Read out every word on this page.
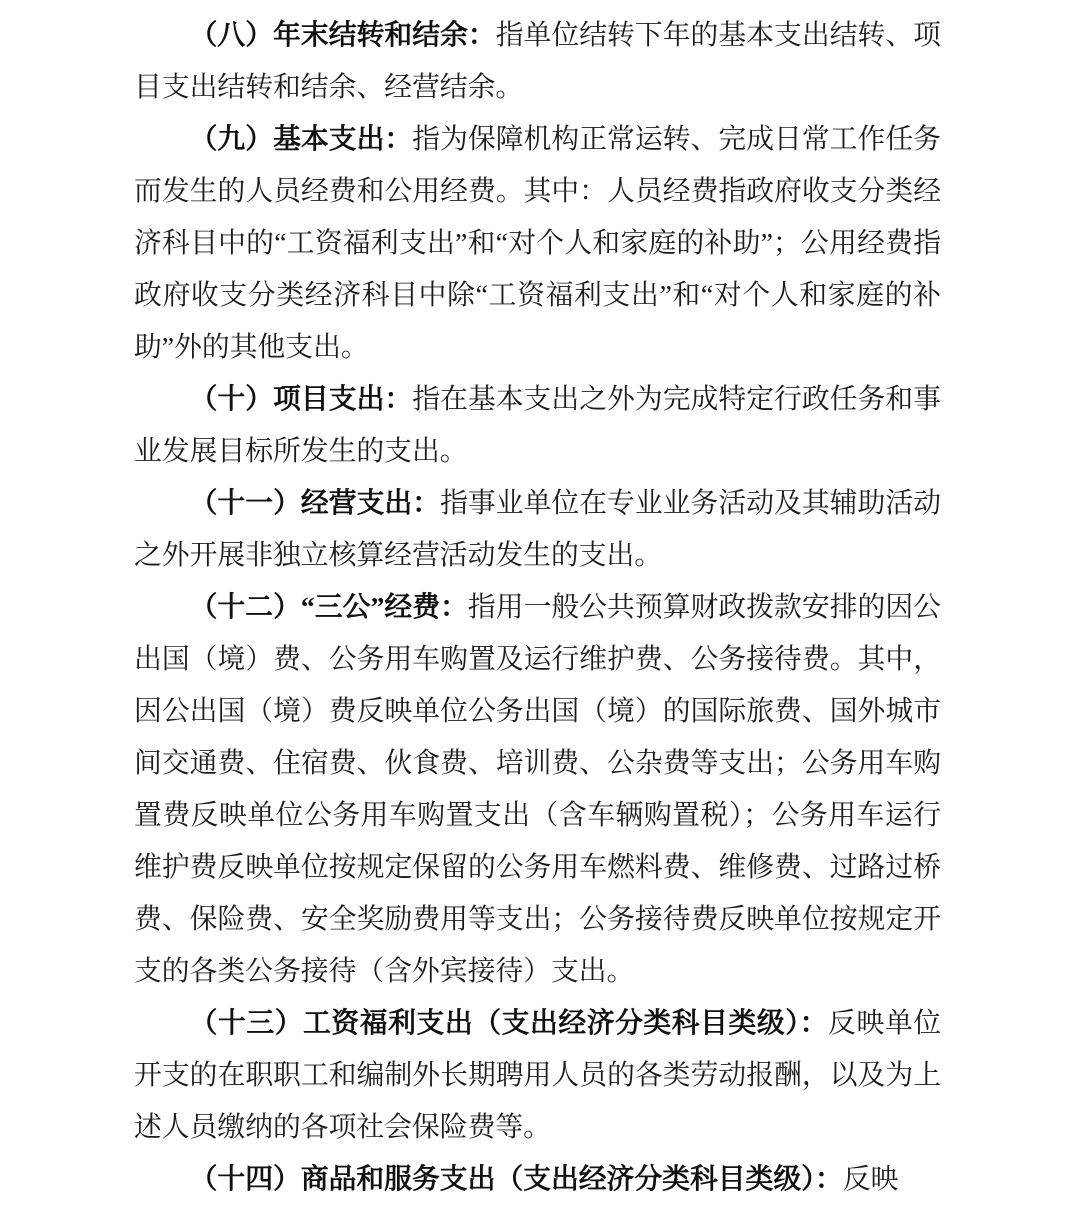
（八）年末结转和结余：指单位结转下年的基本支出结转、项目支出结转和结余、经营结余。

（九）基本支出：指为保障机构正常运转、完成日常工作任务而发生的人员经费和公用经费。其中：人员经费指政府收支分类经济科目中的“工资福利支出”和“对个人和家庭的补助”；公用经费指政府收支分类经济科目中除“工资福利支出”和“对个人和家庭的补助”外的其他支出。

（十）项目支出：指在基本支出之外为完成特定行政任务和事业发展目标所发生的支出。

（十一）经营支出：指事业单位在专业业务活动及其辅助活动之外开展非独立核算经营活动发生的支出。

（十二）“三公”经费：指用一般公共预算财政拨款安排的因公出国（境）费、公务用车购置及运行维护费、公务接待费。其中，因公出国（境）费反映单位公务出国（境）的国际旅费、国外城市间交通费、住宿费、伙食费、培训费、公杂费等支出；公务用车购置费反映单位公务用车购置支出（含车辆购置税）；公务用车运行维护费反映单位按规定保留的公务用车燃料费、维修费、过路过桥费、保险费、安全奖励费用等支出；公务接待费反映单位按规定开支的各类公务接待（含外宾接待）支出。

（十三）工资福利支出（支出经济分类科目类级）：反映单位开支的在职职工和编制外长期聘用人员的各类劳动报酬，以及为上述人员缴纳的各项社会保险费等。

（十四）商品和服务支出（支出经济分类科目类级）：反映
